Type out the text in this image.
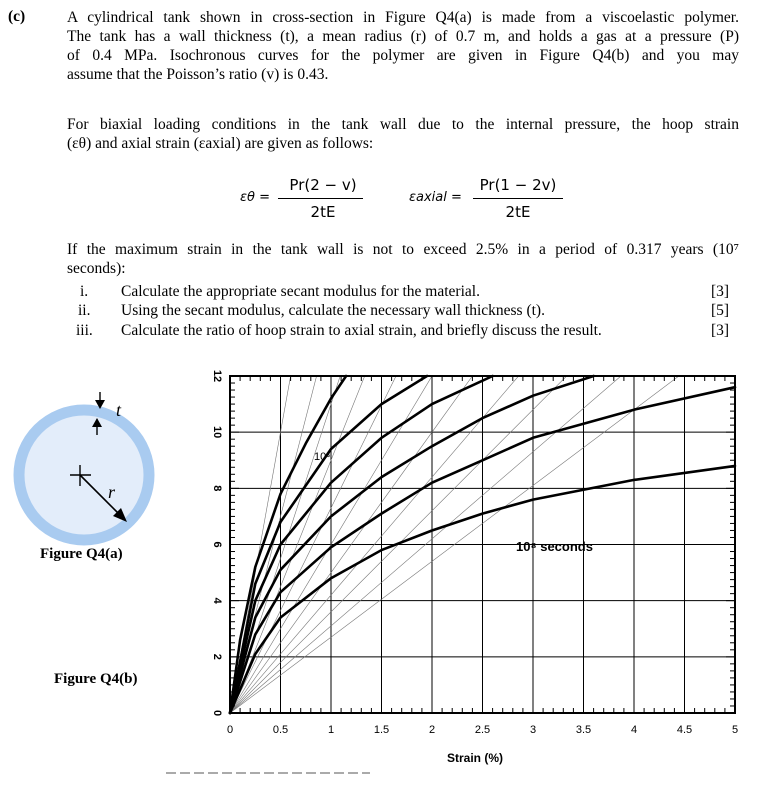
(c)	A cylindrical tank shown in cross-section in Figure Q4(a) is made from a viscoelastic polymer.
The tank has a wall thickness (t), a mean radius (r) of 0.7 m, and holds a gas at a pressure (P)
of 0.4 MPa. Isochronous curves for the polymer are given in Figure Q4(b) and you may
assume that the Poisson’s ratio (v) is 0.43.
For biaxial loading conditions in the tank wall due to the internal pressure, the hoop strain
(εθ) and axial strain (εaxial) are given as follows:
εθ =
Pr(2 − v)
2tE
εaxial =
Pr(1 − 2v)
2tE
If the maximum strain in the tank wall is not to exceed 2.5% in a period of 0.317 years (10⁷
seconds):
i. Calculate the appropriate secant modulus for the material.	[3]
ii. Using the secant modulus, calculate the necessary wall thickness (t).	[5]
iii. Calculate the ratio of hoop strain to axial strain, and briefly discuss the result.	[3]
t
r
Figure Q4(a)
Figure Q4(b)
0	0.5	1	1.5	2	2.5	3	3.5	4	4.5	5
0
2
4
6
8
10
12
Strain (%)
10³
10⁸ seconds
